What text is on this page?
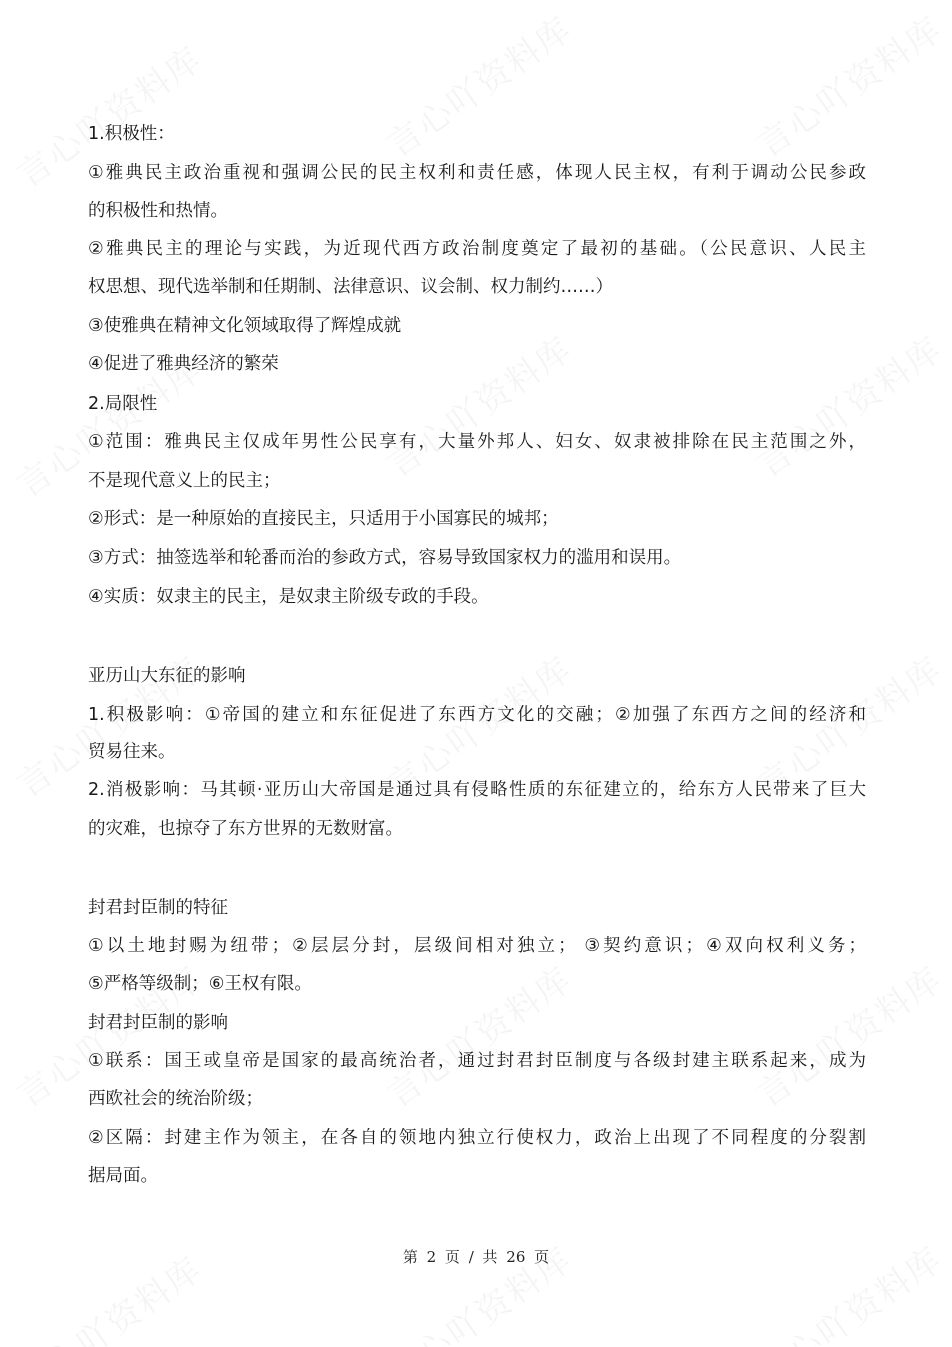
1.积极性：
①雅典民主政治重视和强调公民的民主权利和责任感，体现人民主权，有利于调动公民参政
的积极性和热情。
②雅典民主的理论与实践，为近现代西方政治制度奠定了最初的基础。（公民意识、人民主
权思想、现代选举制和任期制、法律意识、议会制、权力制约……）
③使雅典在精神文化领域取得了辉煌成就
④促进了雅典经济的繁荣
2.局限性
①范围：雅典民主仅成年男性公民享有，大量外邦人、妇女、奴隶被排除在民主范围之外，
不是现代意义上的民主；
②形式：是一种原始的直接民主，只适用于小国寡民的城邦；
③方式：抽签选举和轮番而治的参政方式，容易导致国家权力的滥用和误用。
④实质：奴隶主的民主，是奴隶主阶级专政的手段。
亚历山大东征的影响
1.积极影响：①帝国的建立和东征促进了东西方文化的交融；②加强了东西方之间的经济和
贸易往来。
2.消极影响：马其顿·亚历山大帝国是通过具有侵略性质的东征建立的，给东方人民带来了巨大
的灾难，也掠夺了东方世界的无数财富。
封君封臣制的特征
①以土地封赐为纽带；②层层分封，层级间相对独立； ③契约意识；④双向权利义务；
⑤严格等级制；⑥王权有限。
封君封臣制的影响
①联系：国王或皇帝是国家的最高统治者，通过封君封臣制度与各级封建主联系起来，成为
西欧社会的统治阶级；
②区隔：封建主作为领主，在各自的领地内独立行使权力，政治上出现了不同程度的分裂割
据局面。
第 2 页 / 共 26 页
